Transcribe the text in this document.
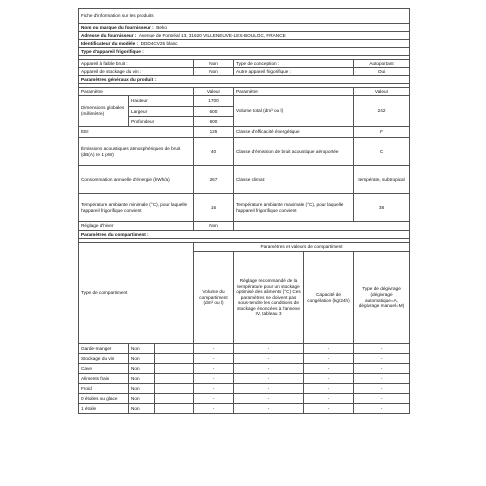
Fiche d'information sur les produits						
Nom ou marque du fournisseur : Beko						
Adresse du fournisseur : Avenue de Fontréal 13, 31620 VILLENEUVE-LES-BOULOC, FRANCE						
Identificateur du modèle : DDD4CV25 blanc						
Type d'appareil frigorifique :						

Appareil à faible bruit :			Non	Type de conception :		Autoportant
Appareil de stockage du vin :			Non	Autre appareil frigorifique :		Oui
Paramètres généraux du produit :						

Paramètre			Valeur	Paramètre		Valeur
Dimensions globales (millimètre)	Hauteur		1700	Volume total (dm³ ou l)		242
	Largeur		600			
	Profondeur		600			
EEI			125	Classe d'efficacité énergétique		F
Émissions acoustiques atmosphériques de bruit (dB(A) re 1 pW)			40	Classe d'émission de bruit acoustique aéroportée		C
Consommation annuelle d'énergie (kWh/a)			267	Classe climat:		températe, subtropical
Température ambiante minimale (°C), pour laquelle l'appareil frigorifique convient			16	Température ambiante maximale (°C), pour laquelle l'appareil frigorifique convient		38
Réglage d'hiver			Non			
Paramètres du compartiment :						

Type de compartiment			Paramètres et valeurs de compartiment			
			Volume du compartiment (dm³ ou l)	Réglage recommandé de la température pour un stockage optimisé des aliments (°C) Ces paramètres ne doivent pas sous-tendre les conditions de stockage énoncées à l'annexe IV, tableau 3	Capacité de congélation (kg/24h)	Type de dégivrage (dégivrage automatique=A, dégivrage manuel=M)
Garde-manger	Non		-	-	-	-
Stockage du vin	Non		-	-	-	-
Cave	Non		-	-	-	-
Aliments frais	Non		-	-	-	-
Froid	Non		-	-	-	-
0 étoiles ou glace	Non		-	-	-	-
1 étoile	Non		-	-	-	-
